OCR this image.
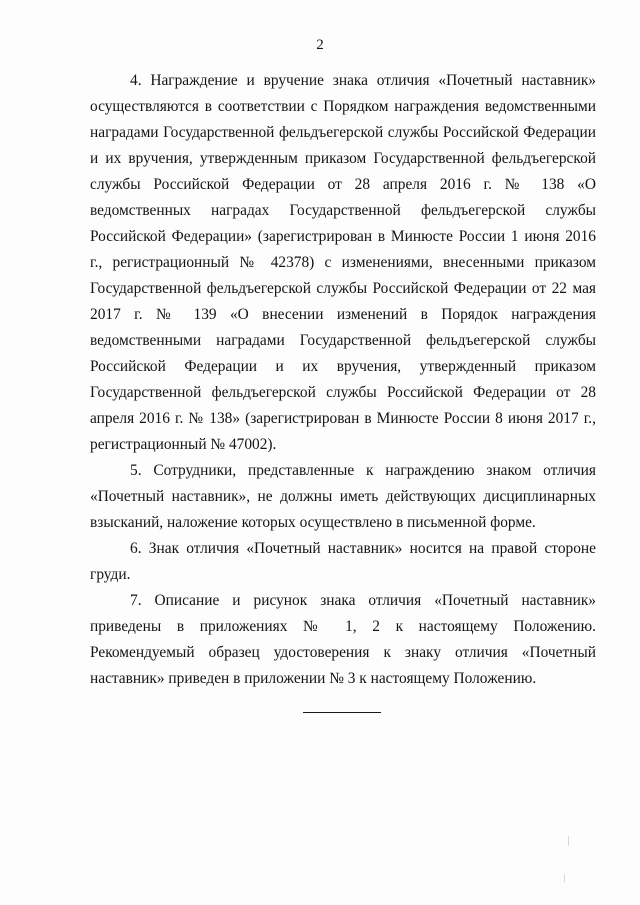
2

4. Награждение и вручение знака отличия «Почетный наставник» осуществляются в соответствии с Порядком награждения ведомственными наградами Государственной фельдъегерской службы Российской Федерации и их вручения, утвержденным приказом Государственной фельдъегерской службы Российской Федерации от 28 апреля 2016 г. № 138 «О ведомственных наградах Государственной фельдъегерской службы Российской Федерации» (зарегистрирован в Минюсте России 1 июня 2016 г., регистрационный № 42378) с изменениями, внесенными приказом Государственной фельдъегерской службы Российской Федерации от 22 мая 2017 г. № 139 «О внесении изменений в Порядок награждения ведомственными наградами Государственной фельдъегерской службы Российской Федерации и их вручения, утвержденный приказом Государственной фельдъегерской службы Российской Федерации от 28 апреля 2016 г. № 138» (зарегистрирован в Минюсте России 8 июня 2017 г., регистрационный № 47002).

5. Сотрудники, представленные к награждению знаком отличия «Почетный наставник», не должны иметь действующих дисциплинарных взысканий, наложение которых осуществлено в письменной форме.

6. Знак отличия «Почетный наставник» носится на правой стороне груди.

7. Описание и рисунок знака отличия «Почетный наставник» приведены в приложениях № 1, 2 к настоящему Положению. Рекомендуемый образец удостоверения к знаку отличия «Почетный наставник» приведен в приложении № 3 к настоящему Положению.
